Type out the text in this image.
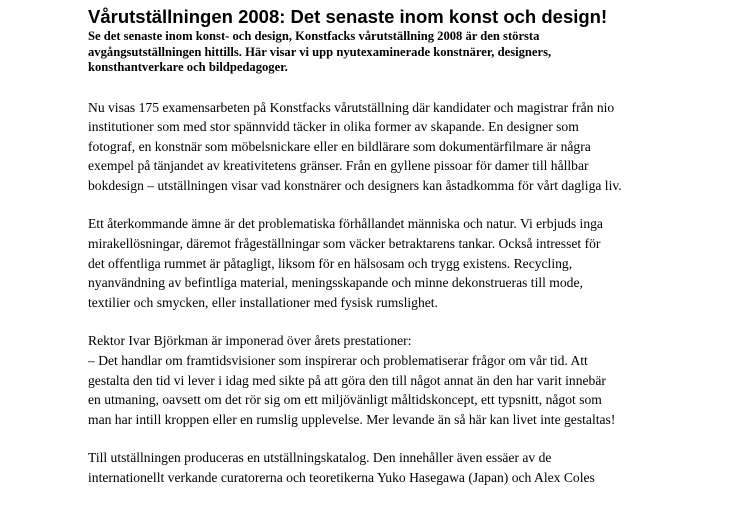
Vårutställningen 2008: Det senaste inom konst och design!

Se det senaste inom konst- och design, Konstfacks vårutställning 2008 är den största avgångsutställningen hittills. Här visar vi upp nyutexaminerade konstnärer, designers, konsthantverkare och bildpedagoger.

Nu visas 175 examensarbeten på Konstfacks vårutställning där kandidater och magistrar från nio
institutioner som med stor spännvidd täcker in olika former av skapande. En designer som
fotograf, en konstnär som möbelsnickare eller en bildlärare som dokumentärfilmare är några
exempel på tänjandet av kreativitetens gränser. Från en gyllene pissoar för damer till hållbar
bokdesign – utställningen visar vad konstnärer och designers kan åstadkomma för vårt dagliga liv.

Ett återkommande ämne är det problematiska förhållandet människa och natur. Vi erbjuds inga
mirakellösningar, däremot frågeställningar som väcker betraktarens tankar. Också intresset för
det offentliga rummet är påtagligt, liksom för en hälsosam och trygg existens. Recycling,
nyanvändning av befintliga material, meningsskapande och minne dekonstrueras till mode,
textilier och smycken, eller installationer med fysisk rumslighet.

Rektor Ivar Björkman är imponerad över årets prestationer:
– Det handlar om framtidsvisioner som inspirerar och problematiserar frågor om vår tid. Att
gestalta den tid vi lever i idag med sikte på att göra den till något annat än den har varit innebär
en utmaning, oavsett om det rör sig om ett miljövänligt måltidskoncept, ett typsnitt, något som
man har intill kroppen eller en rumslig upplevelse. Mer levande än så här kan livet inte gestaltas!

Till utställningen produceras en utställningskatalog. Den innehåller även essäer av de
internationellt verkande curatorerna och teoretikerna Yuko Hasegawa (Japan) och Alex Coles
